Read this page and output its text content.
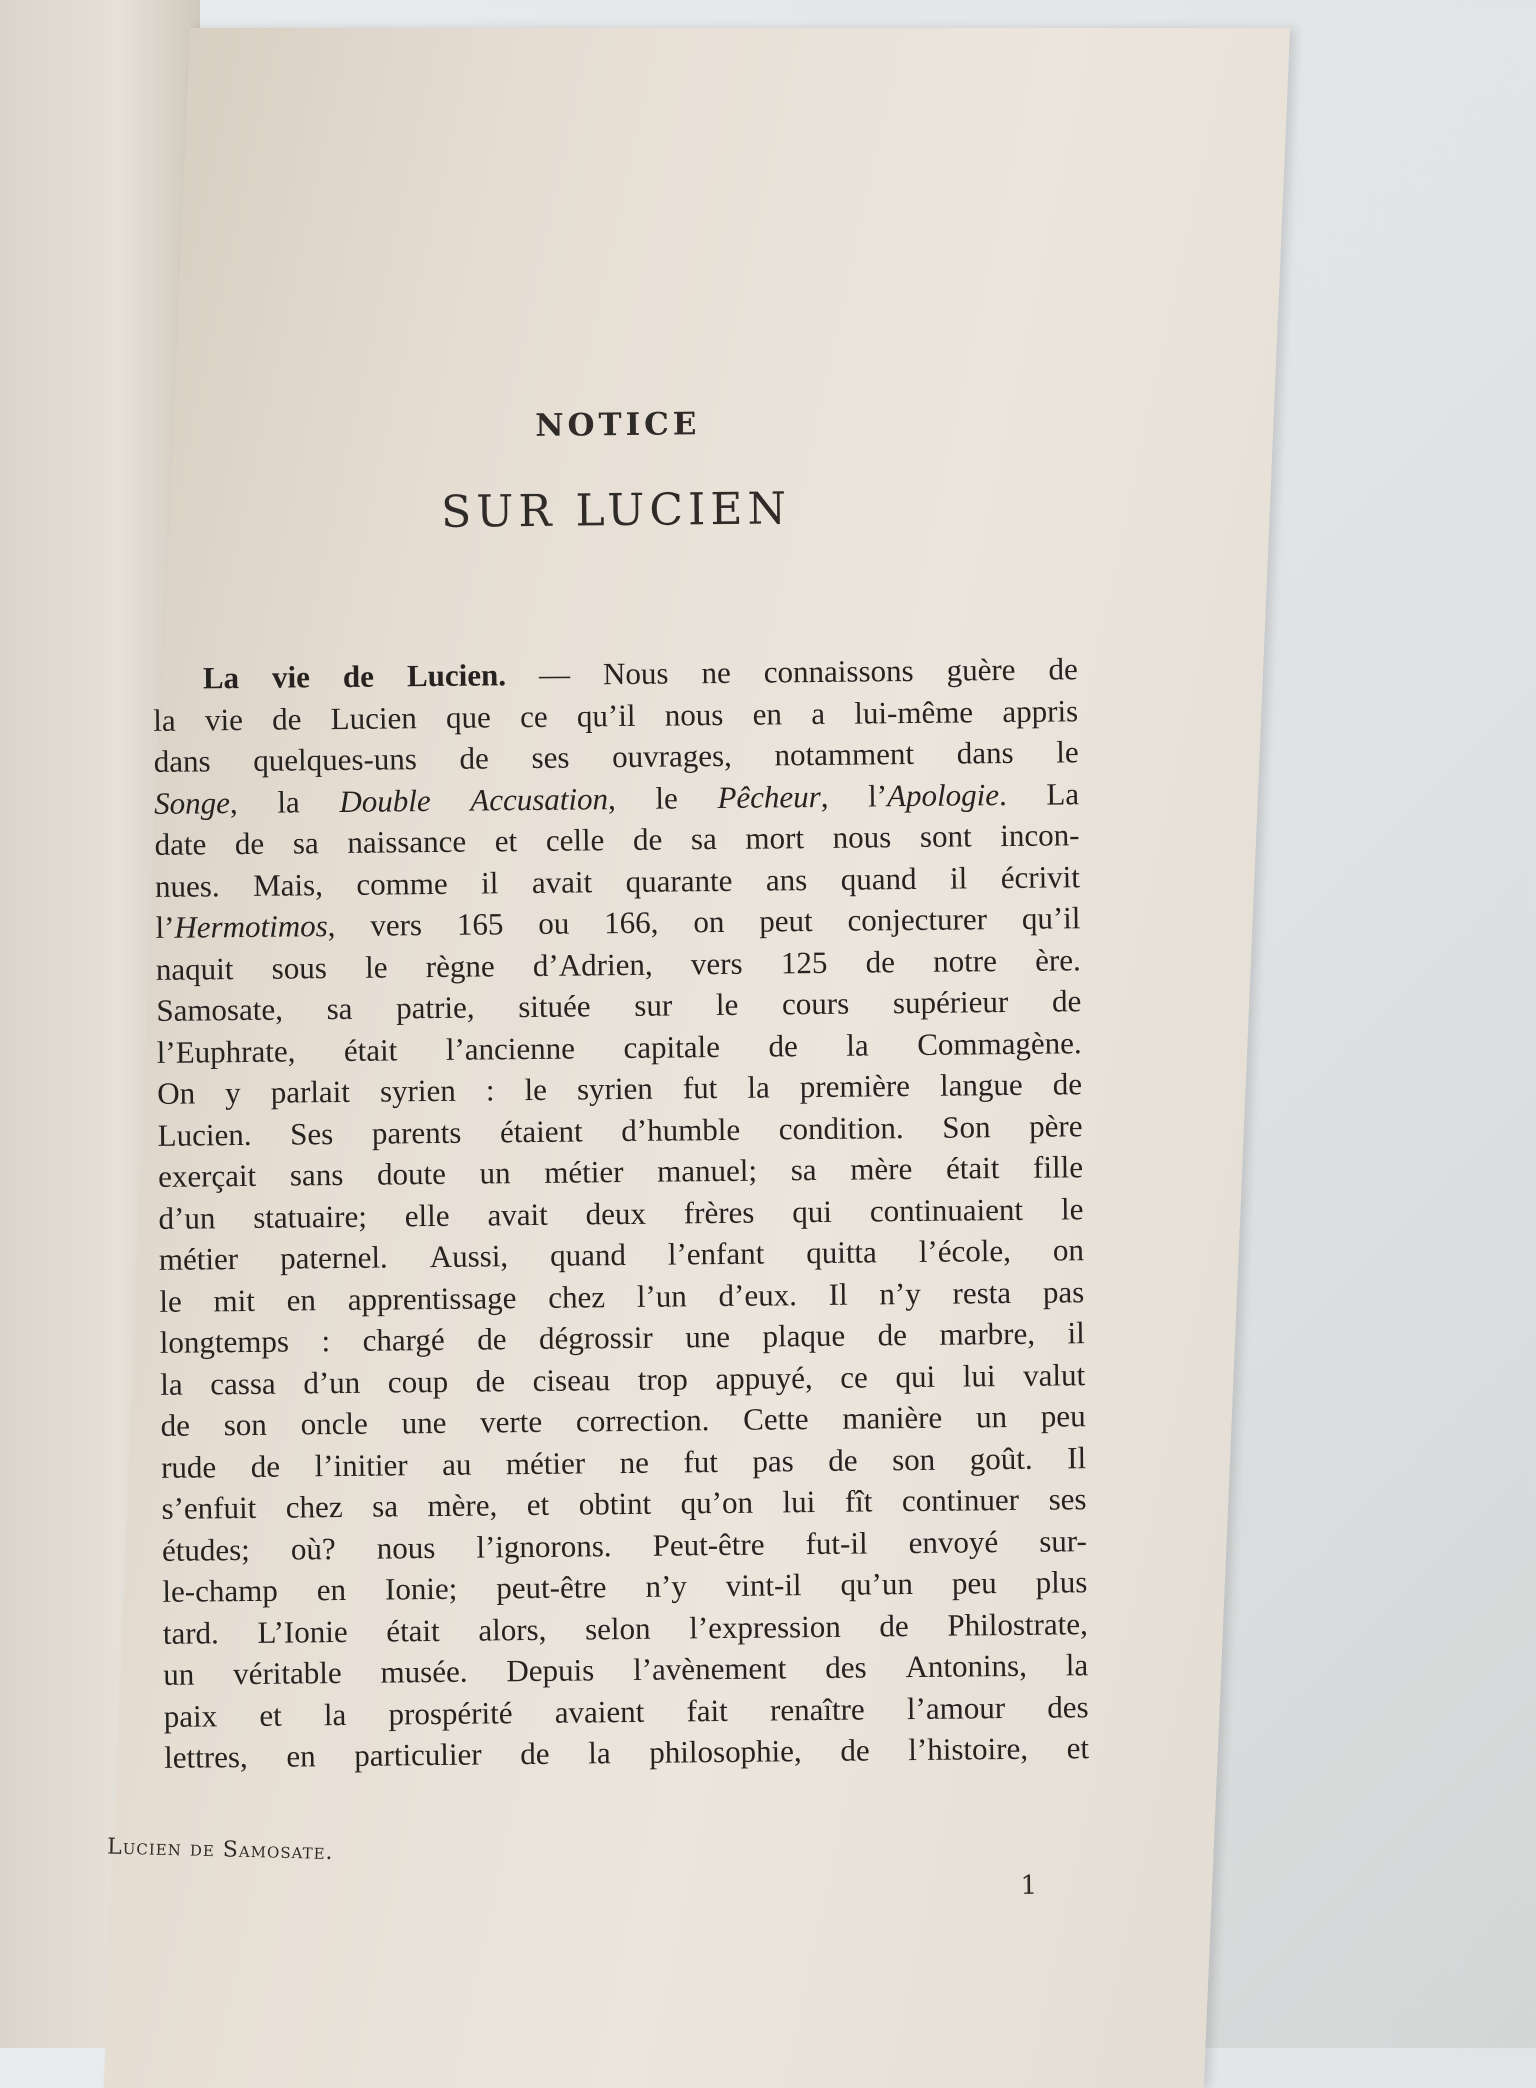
NOTICE
SUR LUCIEN
La vie de Lucien. — Nous ne connaissons guère de
la vie de Lucien que ce qu’il nous en a lui-même appris
dans quelques-uns de ses ouvrages, notamment dans le
Songe, la Double Accusation, le Pêcheur, l’Apologie. La
date de sa naissance et celle de sa mort nous sont incon-
nues. Mais, comme il avait quarante ans quand il écrivit
l’Hermotimos, vers 165 ou 166, on peut conjecturer qu’il
naquit sous le règne d’Adrien, vers 125 de notre ère.
Samosate, sa patrie, située sur le cours supérieur de
l’Euphrate, était l’ancienne capitale de la Commagène.
On y parlait syrien : le syrien fut la première langue de
Lucien. Ses parents étaient d’humble condition. Son père
exerçait sans doute un métier manuel; sa mère était fille
d’un statuaire; elle avait deux frères qui continuaient le
métier paternel. Aussi, quand l’enfant quitta l’école, on
le mit en apprentissage chez l’un d’eux. Il n’y resta pas
longtemps : chargé de dégrossir une plaque de marbre, il
la cassa d’un coup de ciseau trop appuyé, ce qui lui valut
de son oncle une verte correction. Cette manière un peu
rude de l’initier au métier ne fut pas de son goût. Il
s’enfuit chez sa mère, et obtint qu’on lui fît continuer ses
études; où? nous l’ignorons. Peut-être fut-il envoyé sur-
le-champ en Ionie; peut-être n’y vint-il qu’un peu plus
tard. L’Ionie était alors, selon l’expression de Philostrate,
un véritable musée. Depuis l’avènement des Antonins, la
paix et la prospérité avaient fait renaître l’amour des
lettres, en particulier de la philosophie, de l’histoire, et
Lucien de Samosate.
1
